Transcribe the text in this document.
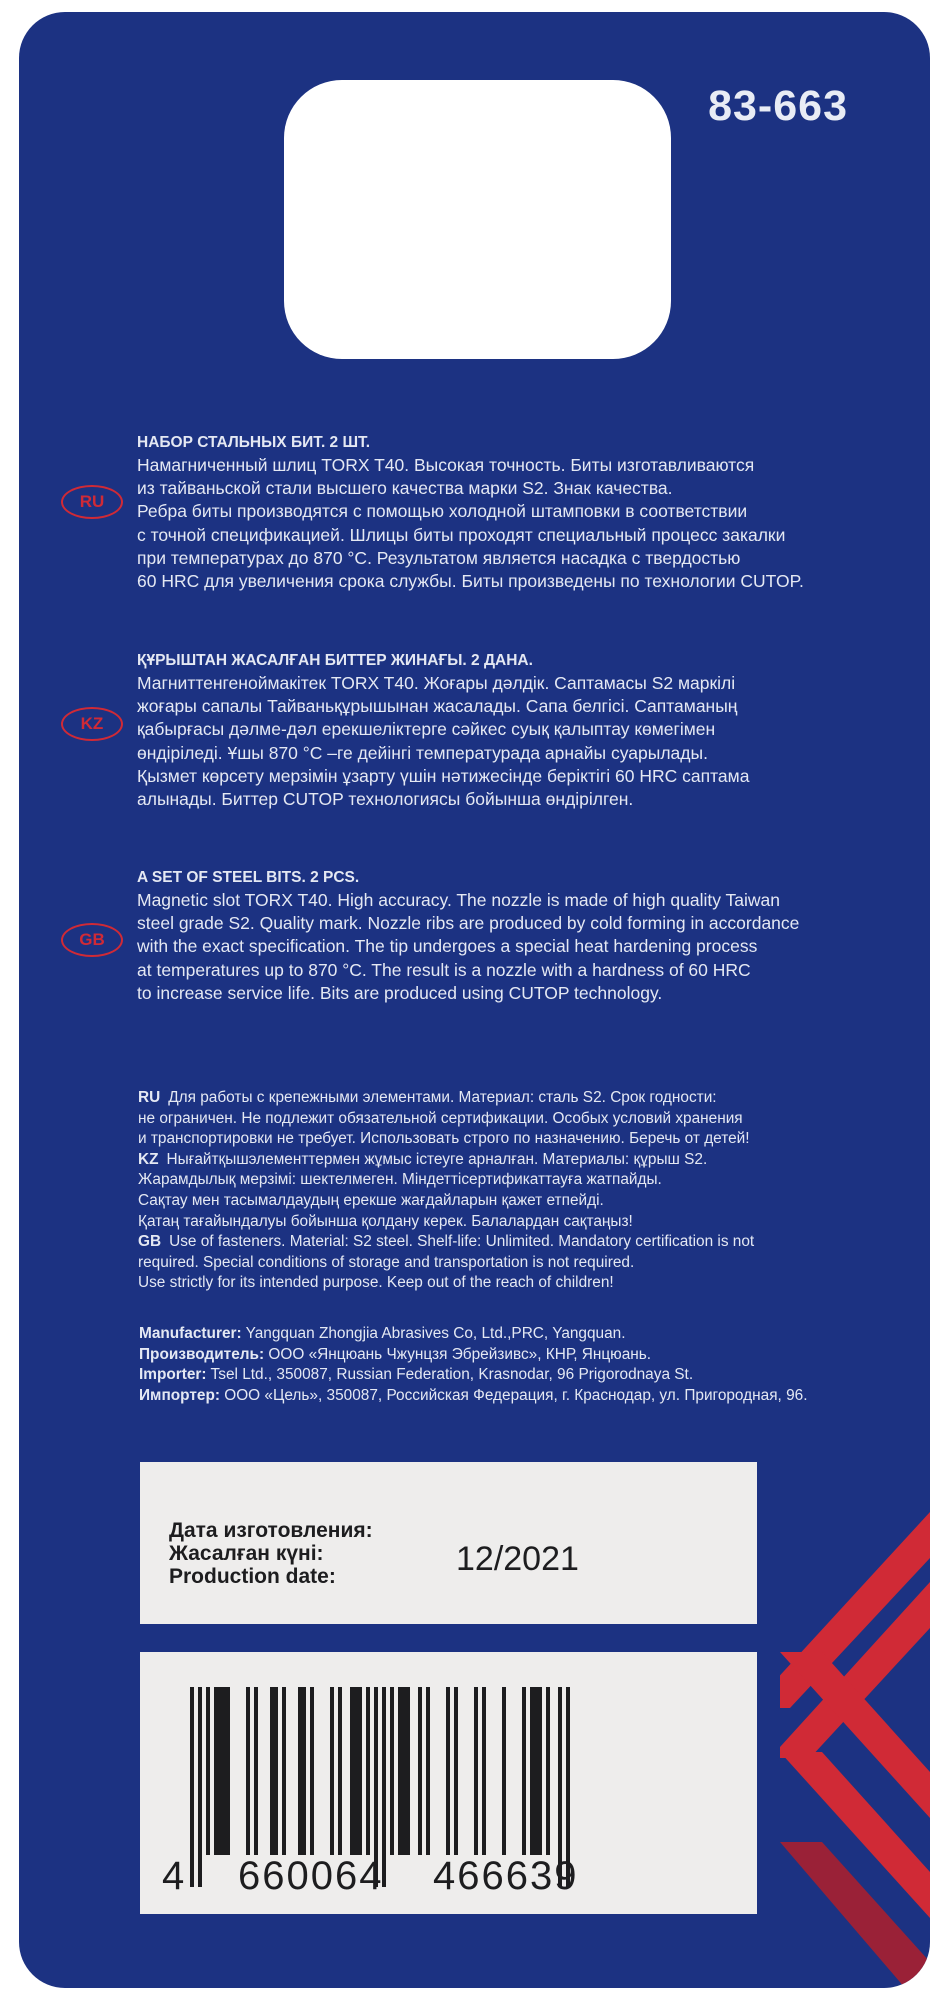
83-663
RU
НАБОР СТАЛЬНЫХ БИТ. 2 ШТ.
Намагниченный шлиц TORX T40. Высокая точность. Биты изготавливаются
из тайваньской стали высшего качества марки S2. Знак качества.
Ребра биты производятся с помощью холодной штамповки в соответствии
с точной спецификацией. Шлицы биты проходят специальный процесс закалки
при температурах до 870 °С. Результатом является насадка с твердостью
60 HRC для увеличения срока службы. Биты произведены по технологии CUTOP.
KZ
ҚҰРЫШТАН ЖАСАЛҒАН БИТТЕР ЖИНАҒЫ. 2 ДАНА.
Магниттенгеноймакітек TORX T40. Жоғары дәлдік. Саптамасы S2 маркілі
жоғары сапалы Тайваньқұрышынан жасалады. Сапа белгісі. Саптаманың
қабырғасы дәлме-дәл ерекшеліктерге сәйкес суық қалыптау көмегімен
өндіріледі. Ұшы 870 °С –ге дейінгі температурада арнайы суарылады.
Қызмет көрсету мерзімін ұзарту үшін нәтижесінде беріктігі 60 HRC саптама
алынады. Биттер CUTOP технологиясы бойынша өндірілген.
GB
A SET OF STEEL BITS. 2 PCS.
Magnetic slot TORX T40. High accuracy. The nozzle is made of high quality Taiwan
steel grade S2. Quality mark. Nozzle ribs are produced by cold forming in accordance
with the exact specification. The tip undergoes a special heat hardening process
at temperatures up to 870 °C. The result is a nozzle with a hardness of 60 HRC
to increase service life. Bits are produced using CUTOP technology.
RU Для работы с крепежными элементами. Материал: сталь S2. Срок годности:
не ограничен. Не подлежит обязательной сертификации. Особых условий хранения
и транспортировки не требует. Использовать строго по назначению. Беречь от детей!
KZ Нығайтқышэлементтермен жұмыс істеуге арналған. Материалы: құрыш S2.
Жарамдылық мерзімі: шектелмеген. Міндеттісертификаттауға жатпайды.
Сақтау мен тасымалдаудың ерекше жағдайларын қажет етпейді.
Қатаң тағайындалуы бойынша қолдану керек. Балалардан сақтаңыз!
GB Use of fasteners. Material: S2 steel. Shelf-life: Unlimited. Mandatory certification is not
required. Special conditions of storage and transportation is not required.
Use strictly for its intended purpose. Keep out of the reach of children!
Manufacturer: Yangquan Zhongjia Abrasives Co, Ltd.,PRC, Yangquan.
Производитель: ООО «Янцюань Чжунцзя Эбрейзивс», КНР, Янцюань.
Importer: Tsel Ltd., 350087, Russian Federation, Krasnodar, 96 Prigorodnaya St.
Импортер: ООО «Цель», 350087, Российская Федерация, г. Краснодар, ул. Пригородная, 96.
Дата изготовления:
Жасалған күні:
Production date:	12/2021
4 660064 466639
